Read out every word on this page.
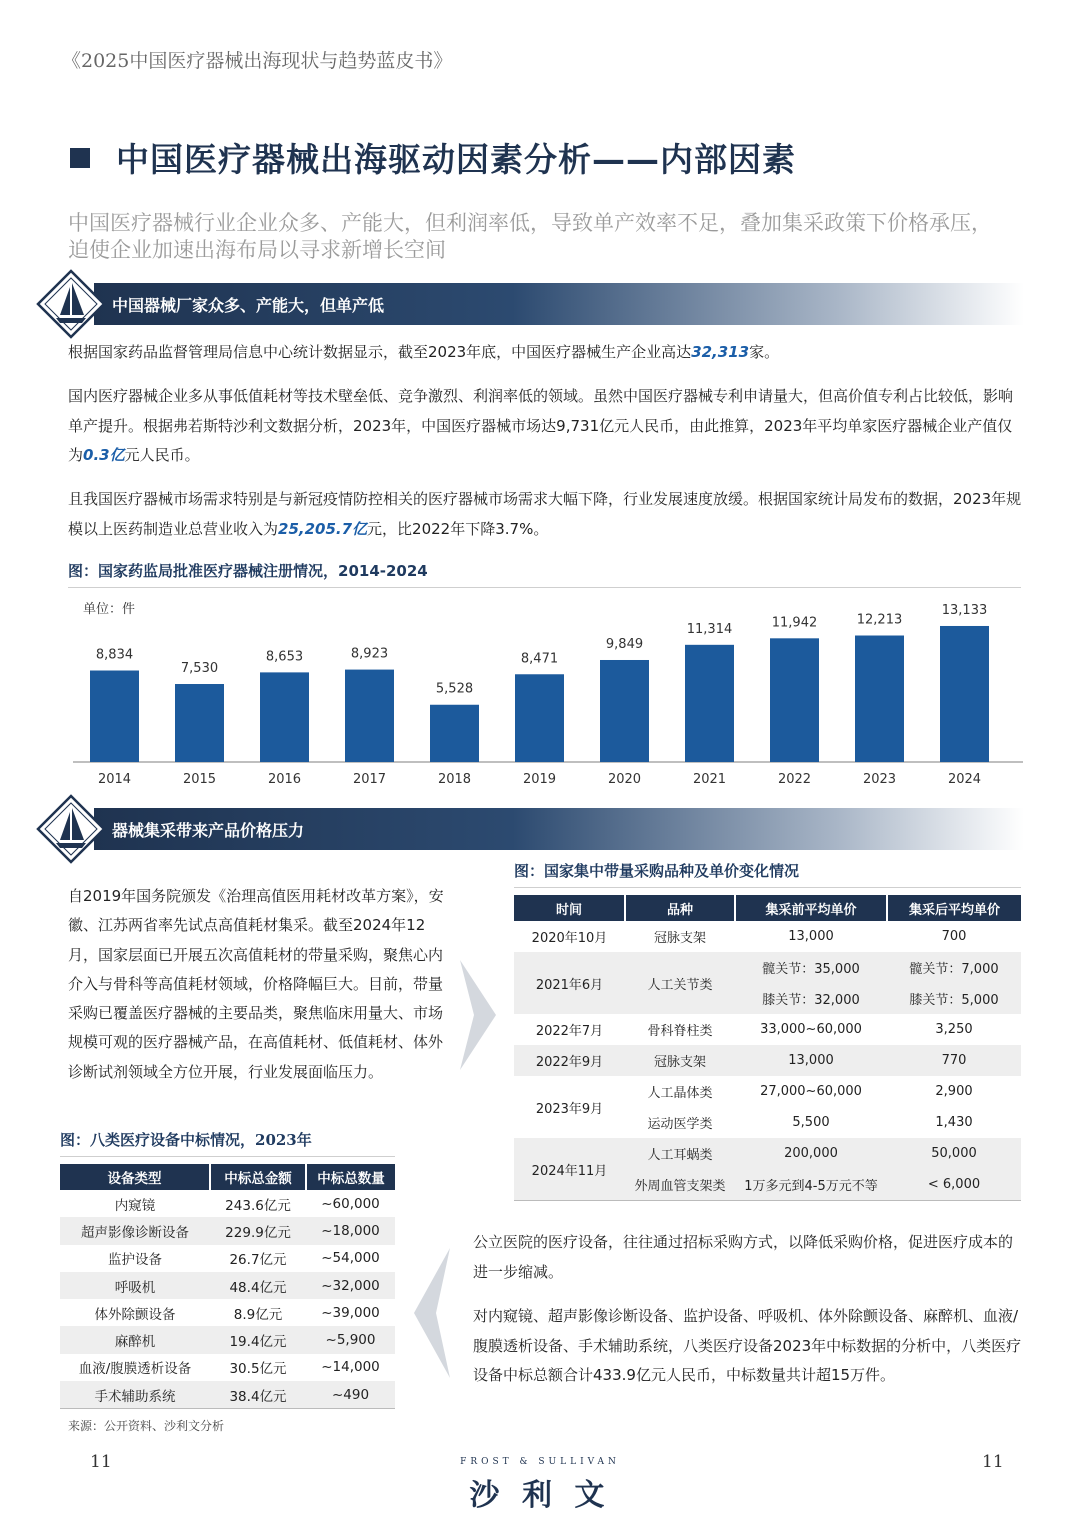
《2025中国医疗器械出海现状与趋势蓝皮书》
中国医疗器械出海驱动因素分析——内部因素
中国医疗器械行业企业众多、产能大，但利润率低，导致单产效率不足，叠加集采政策下价格承压，
迫使企业加速出海布局以寻求新增长空间
中国器械厂家众多、产能大，但单产低
根据国家药品监督管理局信息中心统计数据显示，截至2023年底，中国医疗器械生产企业高达32,313家。
国内医疗器械企业多从事低值耗材等技术壁垒低、竞争激烈、利润率低的领域。虽然中国医疗器械专利申请量大，但高价值专利占比较低，影响单产提升。根据弗若斯特沙利文数据分析，2023年，中国医疗器械市场达9,731亿元人民币，由此推算，2023年平均单家医疗器械企业产值仅为0.3亿元人民币。
且我国医疗器械市场需求特别是与新冠疫情防控相关的医疗器械市场需求大幅下降，行业发展速度放缓。根据国家统计局发布的数据，2023年规模以上医药制造业总营业收入为25,205.7亿元，比2022年下降3.7%。
图：国家药监局批准医疗器械注册情况，2014-2024
单位：件
8,834
2014
7,530
2015
8,653
2016
8,923
2017
5,528
2018
8,471
2019
9,849
2020
11,314
2021
11,942
2022
12,213
2023
13,133
2024
器械集采带来产品价格压力
自2019年国务院颁发《治理高值医用耗材改革方案》，安徽、江苏两省率先试点高值耗材集采。截至2024年12月，国家层面已开展五次高值耗材的带量采购，聚焦心内介入与骨科等高值耗材领域，价格降幅巨大。目前，带量采购已覆盖医疗器械的主要品类，聚焦临床用量大、市场规模可观的医疗器械产品，在高值耗材、低值耗材、体外诊断试剂领域全方位开展，行业发展面临压力。
图：国家集中带量采购品种及单价变化情况
时间	品种	集采前平均单价	集采后平均单价
2020年10月	冠脉支架	13,000	700
2021年6月	人工关节类	髋关节：35,000	髋关节：7,000
		膝关节：32,000	膝关节：5,000
2022年7月	骨科脊柱类	33,000~60,000	3,250
2022年9月	冠脉支架	13,000	770
2023年9月	人工晶体类	27,000~60,000	2,900
	运动医学类	5,500	1,430
2024年11月	人工耳蜗类	200,000	50,000
	外周血管支架类	1万多元到4-5万元不等	< 6,000
图：八类医疗设备中标情况，2023年
设备类型	中标总金额	中标总数量
内窥镜	243.6亿元	~60,000
超声影像诊断设备	229.9亿元	~18,000
监护设备	26.7亿元	~54,000
呼吸机	48.4亿元	~32,000
体外除颤设备	8.9亿元	~39,000
麻醉机	19.4亿元	~5,900
血液/腹膜透析设备	30.5亿元	~14,000
手术辅助系统	38.4亿元	~490
来源：公开资料、沙利文分析
公立医院的医疗设备，往往通过招标采购方式，以降低采购价格，促进医疗成本的进一步缩减。
对内窥镜、超声影像诊断设备、监护设备、呼吸机、体外除颤设备、麻醉机、血液/腹膜透析设备、手术辅助系统，八类医疗设备2023年中标数据的分析中，八类医疗设备中标总额合计433.9亿元人民币，中标数量共计超15万件。
11	11
FROST & SULLIVAN
沙 利 文
